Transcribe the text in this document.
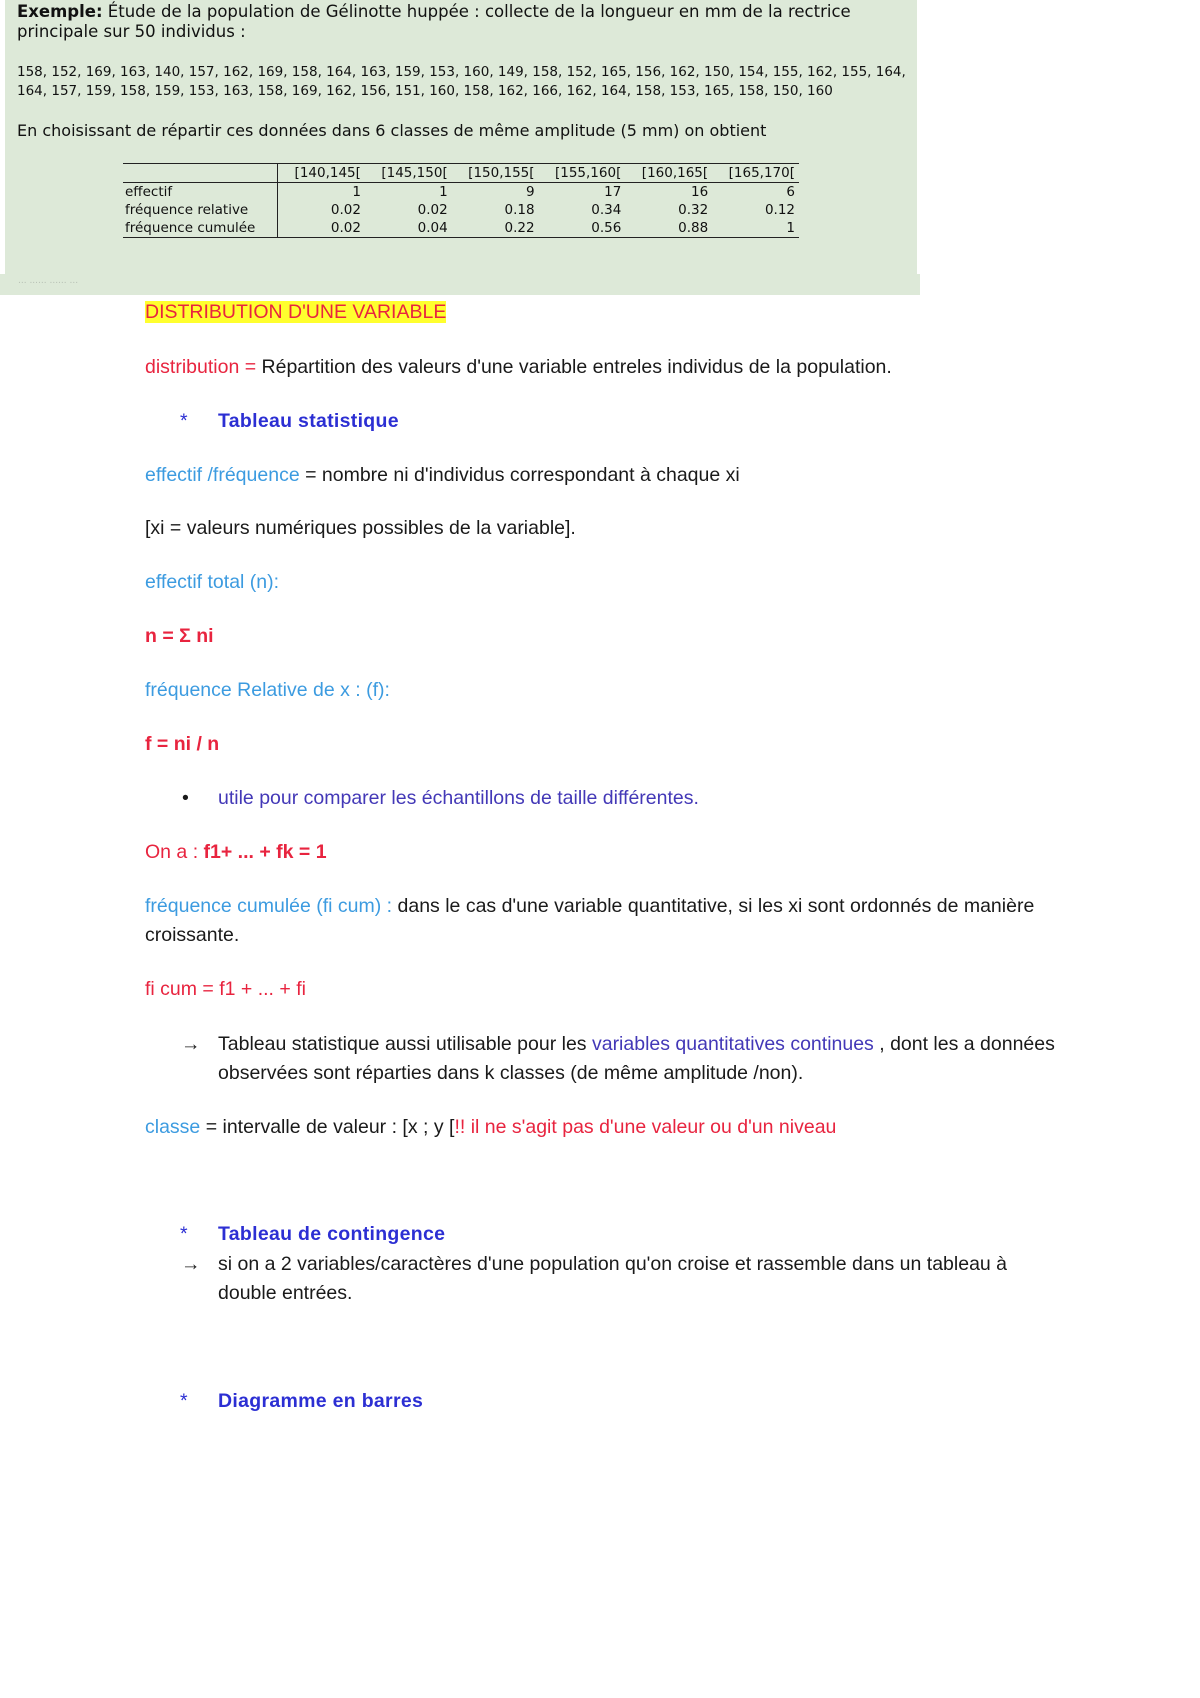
... ...... ...... ...
Exemple: Étude de la population de Gélinotte huppée : collecte de la longueur en mm de la rectrice principale sur 50 individus :
158, 152, 169, 163, 140, 157, 162, 169, 158, 164, 163, 159, 153, 160, 149, 158, 152, 165, 156, 162, 150, 154, 155, 162, 155, 164,
164, 157, 159, 158, 159, 153, 163, 158, 169, 162, 156, 151, 160, 158, 162, 166, 162, 164, 158, 153, 165, 158, 150, 160
En choisissant de répartir ces données dans 6 classes de même amplitude (5 mm) on obtient
	[140,145[	[145,150[	[150,155[	[155,160[	[160,165[	[165,170[
effectif	1	1	9	17	16	6
fréquence relative	0.02	0.02	0.18	0.34	0.32	0.12
fréquence cumulée	0.02	0.04	0.22	0.56	0.88	1
DISTRIBUTION D'UNE VARIABLE
distribution = Répartition des valeurs d'une variable entreles individus de la population.
* Tableau statistique
effectif /fréquence = nombre ni d'individus correspondant à chaque xi
[xi = valeurs numériques possibles de la variable].
effectif total (n):
n = Σ ni
fréquence Relative de x : (f):
f = ni / n
• utile pour comparer les échantillons de taille différentes.
On a : f1+ ... + fk = 1
fréquence cumulée (fi cum) : dans le cas d'une variable quantitative, si les xi sont ordonnés de manière croissante.
fi cum = f1 + ... + fi
→ Tableau statistique aussi utilisable pour les variables quantitatives continues , dont les a données observées sont réparties dans k classes (de même amplitude /non).
classe = intervalle de valeur : [x ; y [!! il ne s'agit pas d'une valeur ou d'un niveau
* Tableau de contingence
→ si on a 2 variables/caractères d'une population qu'on croise et rassemble dans un tableau à double entrées.
* Diagramme en barres
